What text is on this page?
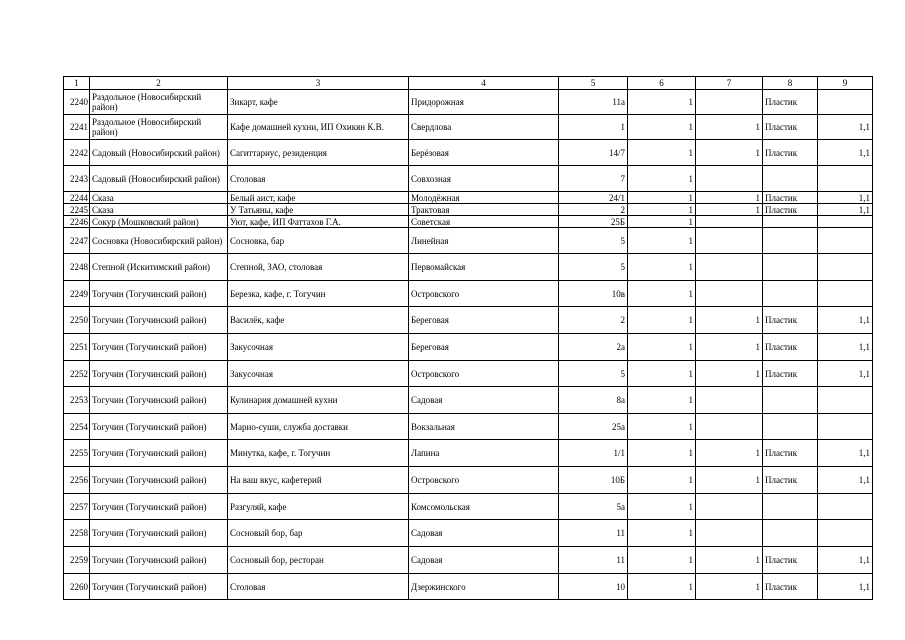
1	2	3	4	5	6	7	8	9
2240	Раздольное (Новосибирский район)	Зикарт, кафе	Придорожная	11а	1		Пластик	
2241	Раздольное (Новосибирский район)	Кафе домашней кухни, ИП Охикян К.В.	Свердлова	1	1	1	Пластик	1,1
2242	Садовый (Новосибирский район)	Сагиттариус, резиденция	Берёзовая	14/7	1	1	Пластик	1,1
2243	Садовый (Новосибирский район)	Столовая	Совхозная	7	1			
2244	Сказа	Белый аист, кафе	Молодёжная	24/1	1	1	Пластик	1,1
2245	Сказа	У Татьяны, кафе	Трактовая	2	1	1	Пластик	1,1
2246	Сокур (Мошковский район)	Уют, кафе, ИП Фаттахов Г.А.	Советская	25Б	1			
2247	Сосновка (Новосибирский район)	Сосновка, бар	Линейная	5	1			
2248	Степной (Искитимский район)	Степной, ЗАО, столовая	Первомайская	5	1			
2249	Тогучин (Тогучинский район)	Березка, кафе, г. Тогучин	Островского	10в	1			
2250	Тогучин (Тогучинский район)	Василёк, кафе	Береговая	2	1	1	Пластик	1,1
2251	Тогучин (Тогучинский район)	Закусочная	Береговая	2а	1	1	Пластик	1,1
2252	Тогучин (Тогучинский район)	Закусочная	Островского	5	1	1	Пластик	1,1
2253	Тогучин (Тогучинский район)	Кулинария домашней кухни	Садовая	8а	1			
2254	Тогучин (Тогучинский район)	Марио-суши, служба доставки	Вокзальная	25а	1			
2255	Тогучин (Тогучинский район)	Минутка, кафе, г. Тогучин	Лапина	1/1	1	1	Пластик	1,1
2256	Тогучин (Тогучинский район)	На ваш вкус, кафетерий	Островского	10Б	1	1	Пластик	1,1
2257	Тогучин (Тогучинский район)	Разгуляй, кафе	Комсомольская	5а	1			
2258	Тогучин (Тогучинский район)	Сосновый бор, бар	Садовая	11	1			
2259	Тогучин (Тогучинский район)	Сосновый бор, ресторан	Садовая	11	1	1	Пластик	1,1
2260	Тогучин (Тогучинский район)	Столовая	Дзержинского	10	1	1	Пластик	1,1
